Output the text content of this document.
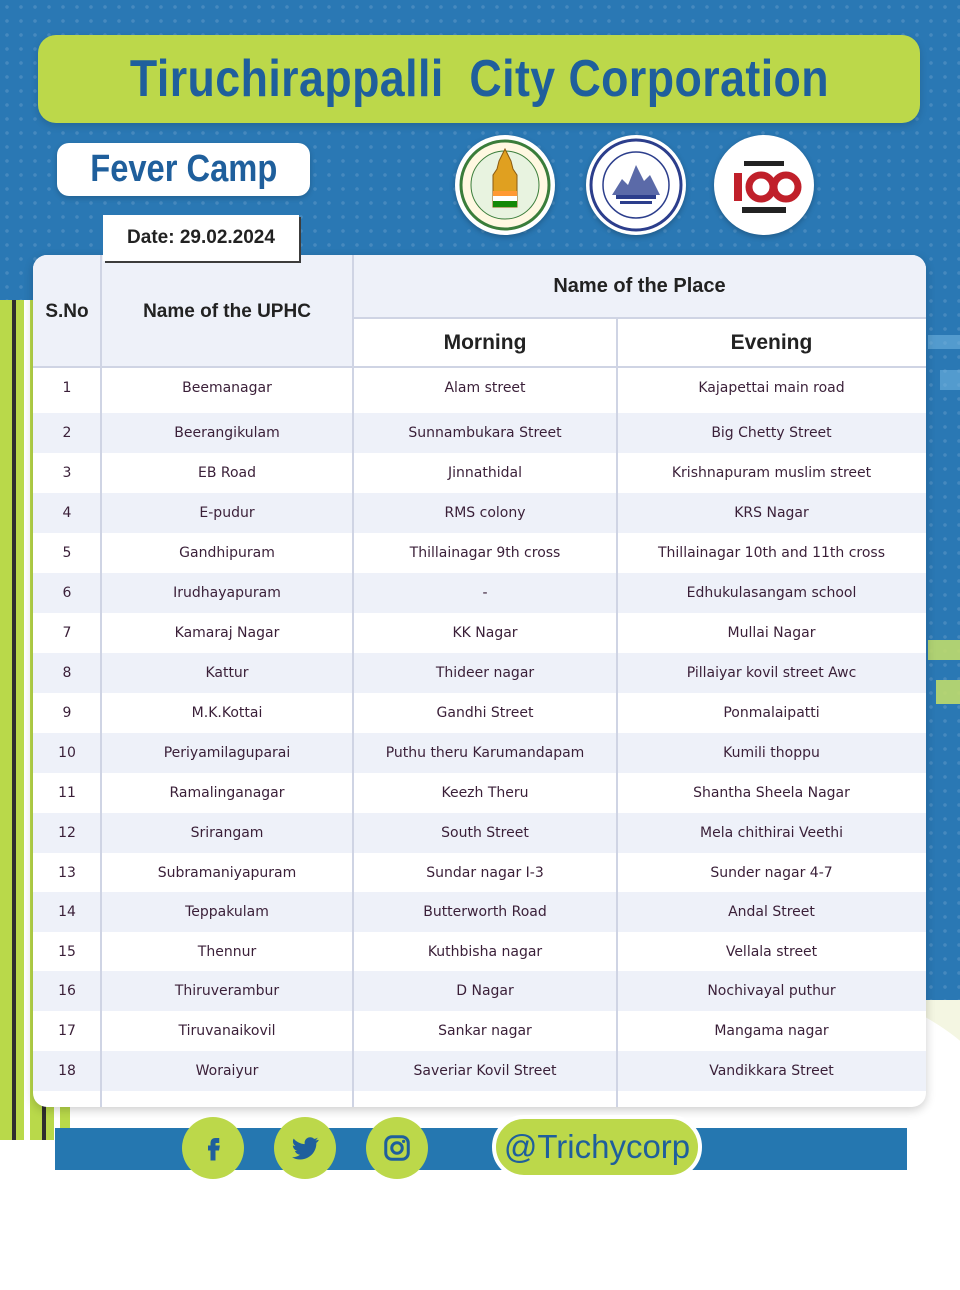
Tiruchirappalli  City Corporation
Fever Camp
Date: 29.02.2024
S.No	Name of the UPHC
Name of the Place
Morning	Evening
1	Beemanagar	Alam street	Kajapettai main road
2	Beerangikulam	Sunnambukara Street	Big Chetty Street
3	EB Road	Jinnathidal	Krishnapuram muslim street
4	E-pudur	RMS colony	KRS Nagar
5	Gandhipuram	Thillainagar 9th cross	Thillainagar 10th and 11th cross
6	Irudhayapuram	-	Edhukulasangam school
7	Kamaraj Nagar	KK Nagar	Mullai Nagar
8	Kattur	Thideer nagar	Pillaiyar kovil street Awc
9	M.K.Kottai	Gandhi Street	Ponmalaipatti
10	Periyamilaguparai	Puthu theru Karumandapam	Kumili thoppu
11	Ramalinganagar	Keezh Theru	Shantha Sheela Nagar
12	Srirangam	South Street	Mela chithirai Veethi
13	Subramaniyapuram	Sundar nagar I-3	Sunder nagar 4-7
14	Teppakulam	Butterworth Road	Andal Street
15	Thennur	Kuthbisha nagar	Vellala street
16	Thiruverambur	D Nagar	Nochivayal puthur
17	Tiruvanaikovil	Sankar nagar	Mangama nagar
18	Woraiyur	Saveriar Kovil Street	Vandikkara Street
@Trichycorp
